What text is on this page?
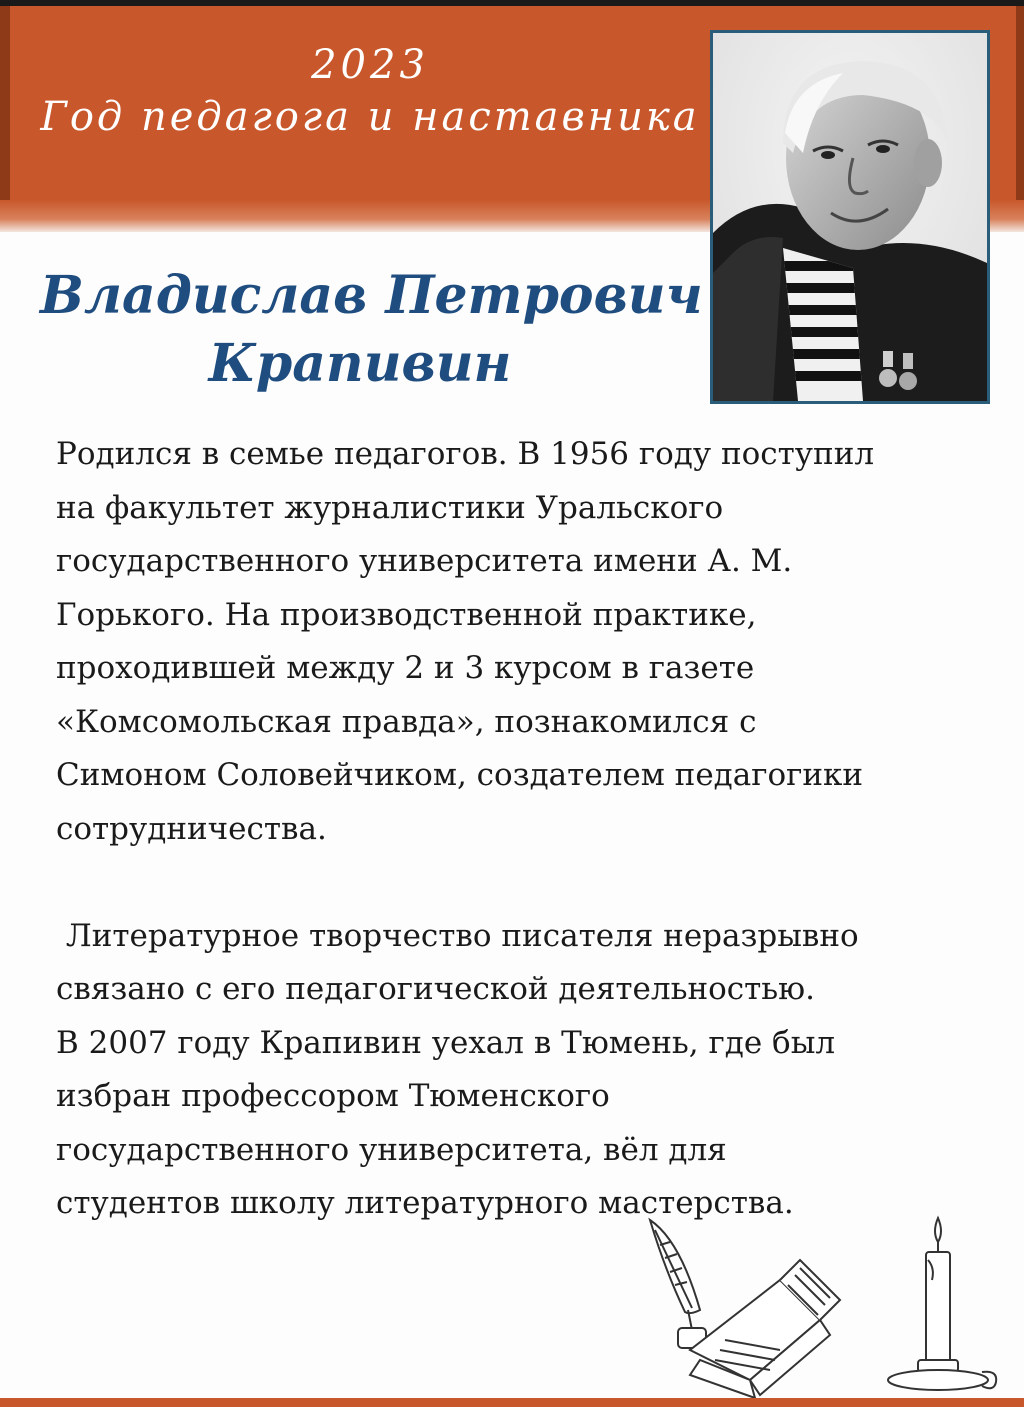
2023
Год педагога и наставника
Владислав Петрович
Крапивин

Родился в семье педагогов. В 1956 году поступил
на факультет журналистики Уральского
государственного университета имени А. М.
Горького. На производственной практике,
проходившей между 2 и 3 курсом в газете
«Комсомольская правда», познакомился с
Симоном Соловейчиком, создателем педагогики
сотрудничества.

Литературное творчество писателя неразрывно
связано с его педагогической деятельностью.
В 2007 году Крапивин уехал в Тюмень, где был
избран профессором Тюменского
государственного университета, вёл для
студентов школу литературного мастерства.
